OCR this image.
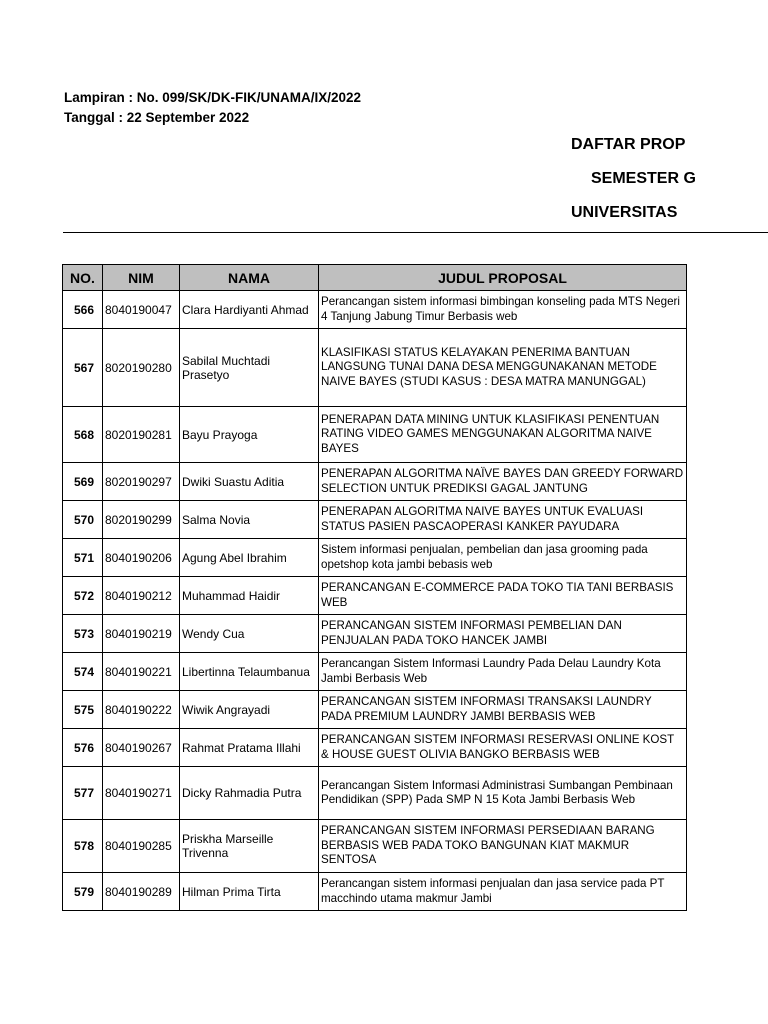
Lampiran : No. 099/SK/DK-FIK/UNAMA/IX/2022
Tanggal : 22 September 2022
DAFTAR PROP
SEMESTER G
UNIVERSITAS
NO.	NIM	NAMA	JUDUL PROPOSAL
566	8040190047	Clara Hardiyanti Ahmad	Perancangan sistem informasi bimbingan konseling pada MTS Negeri 4 Tanjung Jabung Timur Berbasis web
567	8020190280	Sabilal Muchtadi Prasetyo	KLASIFIKASI STATUS KELAYAKAN PENERIMA BANTUAN LANGSUNG TUNAI DANA DESA MENGGUNAKANAN METODE NAIVE BAYES (STUDI KASUS : DESA MATRA MANUNGGAL)
568	8020190281	Bayu Prayoga	PENERAPAN DATA MINING UNTUK KLASIFIKASI PENENTUAN RATING VIDEO GAMES MENGGUNAKAN ALGORITMA NAIVE BAYES
569	8020190297	Dwiki Suastu Aditia	PENERAPAN ALGORITMA NAÏVE BAYES DAN GREEDY FORWARD SELECTION UNTUK PREDIKSI GAGAL JANTUNG
570	8020190299	Salma Novia	PENERAPAN ALGORITMA NAIVE BAYES UNTUK EVALUASI STATUS PASIEN PASCAOPERASI KANKER PAYUDARA
571	8040190206	Agung Abel Ibrahim	Sistem informasi penjualan, pembelian dan jasa grooming pada opetshop kota jambi bebasis web
572	8040190212	Muhammad Haidir	PERANCANGAN E-COMMERCE PADA TOKO TIA TANI BERBASIS WEB
573	8040190219	Wendy Cua	PERANCANGAN SISTEM INFORMASI PEMBELIAN DAN PENJUALAN PADA TOKO HANCEK JAMBI
574	8040190221	Libertinna Telaumbanua	Perancangan Sistem Informasi Laundry Pada Delau Laundry Kota Jambi Berbasis Web
575	8040190222	Wiwik Angrayadi	PERANCANGAN SISTEM INFORMASI TRANSAKSI LAUNDRY PADA PREMIUM LAUNDRY JAMBI BERBASIS WEB
576	8040190267	Rahmat Pratama Illahi	PERANCANGAN SISTEM INFORMASI RESERVASI ONLINE KOST & HOUSE GUEST OLIVIA BANGKO BERBASIS WEB
577	8040190271	Dicky Rahmadia Putra	Perancangan Sistem Informasi Administrasi Sumbangan Pembinaan Pendidikan (SPP) Pada SMP N 15 Kota Jambi Berbasis Web
578	8040190285	Priskha Marseille Trivenna	PERANCANGAN SISTEM INFORMASI PERSEDIAAN BARANG BERBASIS WEB PADA TOKO BANGUNAN KIAT MAKMUR SENTOSA
579	8040190289	Hilman Prima Tirta	Perancangan sistem informasi penjualan dan jasa service pada PT macchindo utama makmur Jambi
